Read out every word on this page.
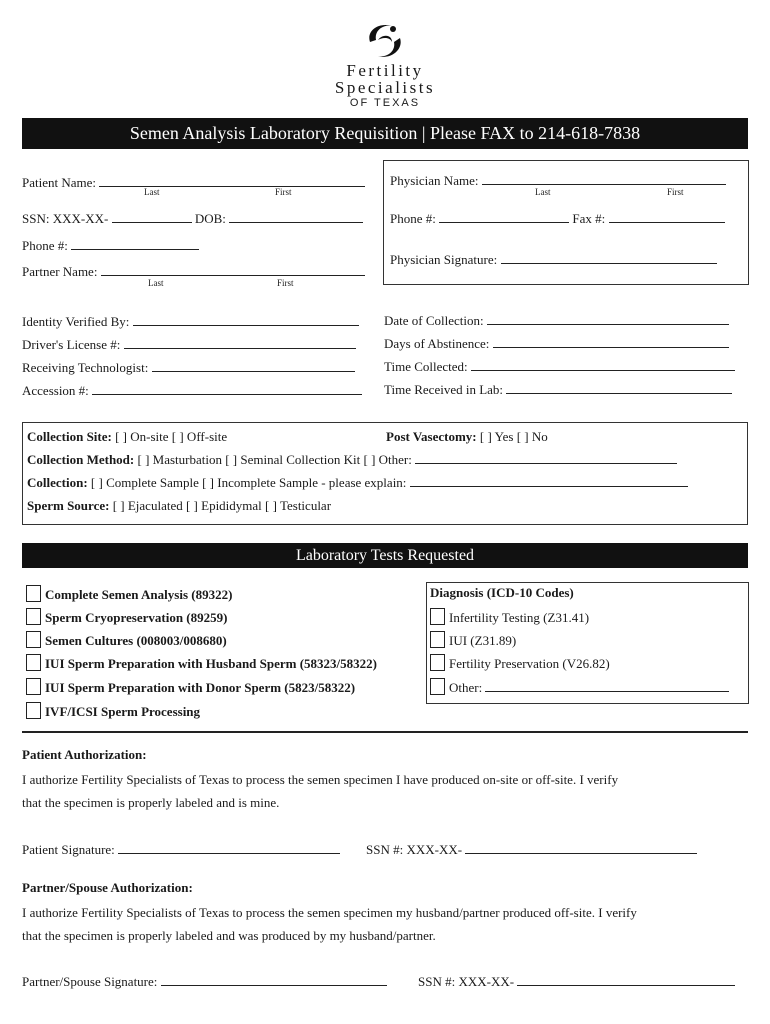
Fertility
Specialists
OF TEXAS
Semen Analysis Laboratory Requisition | Please FAX to 214-618-7838
Patient Name:
Last	First
SSN: XXX-XX-	DOB:
Phone #:
Partner Name:
Last	First
Physician Name:
Last	First
Phone #:	Fax #:
Physician Signature:
Identity Verified By:
Driver's License #:
Receiving Technologist:
Accession #:
Date of Collection:
Days of Abstinence:
Time Collected:
Time Received in Lab:
Collection Site: [ ] On-site [ ] Off-site	Post Vasectomy: [ ] Yes [ ] No
Collection Method: [ ] Masturbation [ ] Seminal Collection Kit [ ] Other:
Collection: [ ] Complete Sample [ ] Incomplete Sample - please explain:
Sperm Source: [ ] Ejaculated [ ] Epididymal [ ] Testicular
Laboratory Tests Requested
Complete Semen Analysis (89322)
Sperm Cryopreservation (89259)
Semen Cultures (008003/008680)
IUI Sperm Preparation with Husband Sperm (58323/58322)
IUI Sperm Preparation with Donor Sperm (5823/58322)
IVF/ICSI Sperm Processing
Diagnosis (ICD-10 Codes)
Infertility Testing (Z31.41)
IUI (Z31.89)
Fertility Preservation (V26.82)
Other:
Patient Authorization:
I authorize Fertility Specialists of Texas to process the semen specimen I have produced on-site or off-site. I verify
that the specimen is properly labeled and is mine.
Patient Signature:	SSN #: XXX-XX-
Partner/Spouse Authorization:
I authorize Fertility Specialists of Texas to process the semen specimen my husband/partner produced off-site. I verify
that the specimen is properly labeled and was produced by my husband/partner.
Partner/Spouse Signature:	SSN #: XXX-XX-
